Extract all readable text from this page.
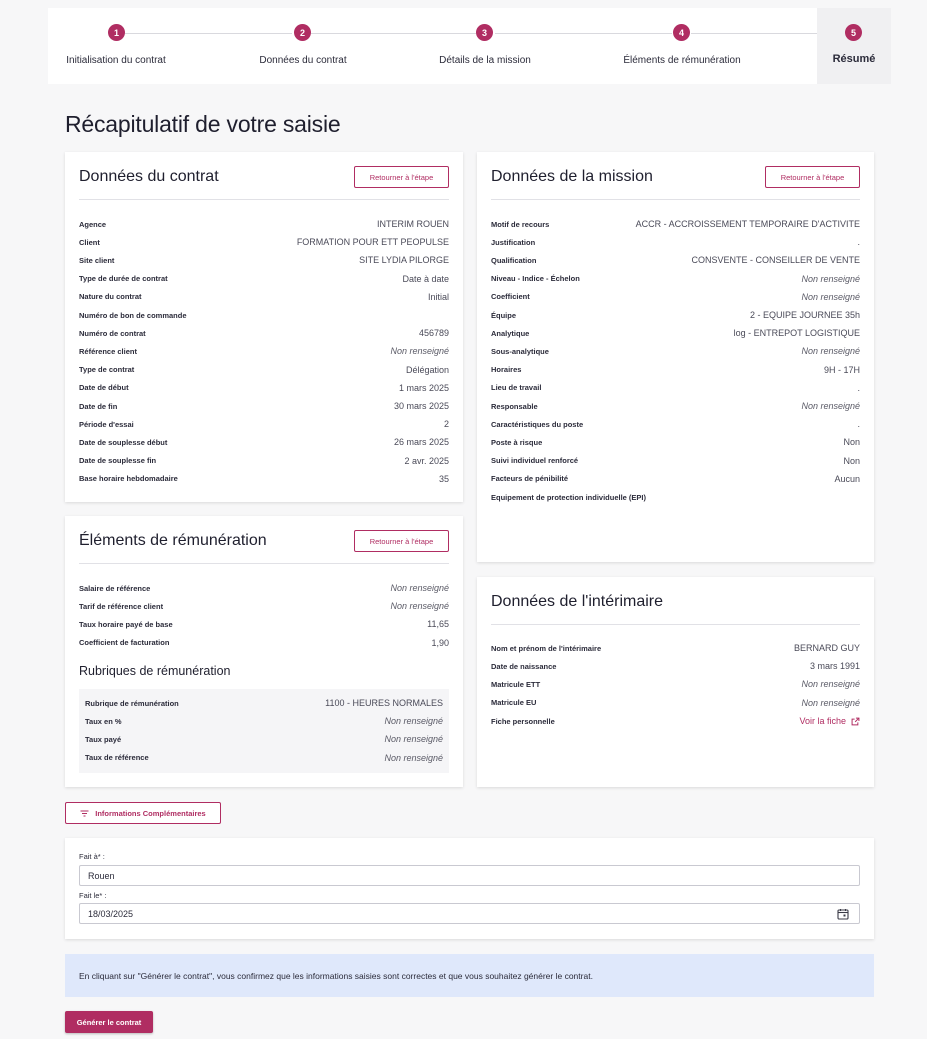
1
Initialisation du contrat
2
Données du contrat
3
Détails de la mission
4
Éléments de rémunération
5
Résumé
Récapitulatif de votre saisie
Données du contrat	Retourner à l'étape
Agence	INTERIM ROUEN
Client	FORMATION POUR ETT PEOPULSE
Site client	SITE LYDIA PILORGE
Type de durée de contrat	Date à date
Nature du contrat	Initial
Numéro de bon de commande
Numéro de contrat	456789
Référence client	Non renseigné
Type de contrat	Délégation
Date de début	1 mars 2025
Date de fin	30 mars 2025
Période d'essai	2
Date de souplesse début	26 mars 2025
Date de souplesse fin	2 avr. 2025
Base horaire hebdomadaire	35
Données de la mission	Retourner à l'étape
Motif de recours	ACCR - ACCROISSEMENT TEMPORAIRE D'ACTIVITE
Justification	.
Qualification	CONSVENTE - CONSEILLER DE VENTE
Niveau - Indice - Échelon	Non renseigné
Coefficient	Non renseigné
Équipe	2 - EQUIPE JOURNEE 35h
Analytique	log - ENTREPOT LOGISTIQUE
Sous-analytique	Non renseigné
Horaires	9H - 17H
Lieu de travail	.
Responsable	Non renseigné
Caractéristiques du poste	.
Poste à risque	Non
Suivi individuel renforcé	Non
Facteurs de pénibilité	Aucun
Equipement de protection individuelle (EPI)
Éléments de rémunération	Retourner à l'étape
Salaire de référence	Non renseigné
Tarif de référence client	Non renseigné
Taux horaire payé de base	11,65
Coefficient de facturation	1,90
Rubriques de rémunération
Rubrique de rémunération	1100 - HEURES NORMALES
Taux en %	Non renseigné
Taux payé	Non renseigné
Taux de référence	Non renseigné
Données de l'intérimaire
Nom et prénom de l'intérimaire	BERNARD GUY
Date de naissance	3 mars 1991
Matricule ETT	Non renseigné
Matricule EU	Non renseigné
Fiche personnelle	Voir la fiche
Informations Complémentaires
Fait à* :
Rouen
Fait le* :
18/03/2025
En cliquant sur "Générer le contrat", vous confirmez que les informations saisies sont correctes et que vous souhaitez générer le contrat.
Générer le contrat
